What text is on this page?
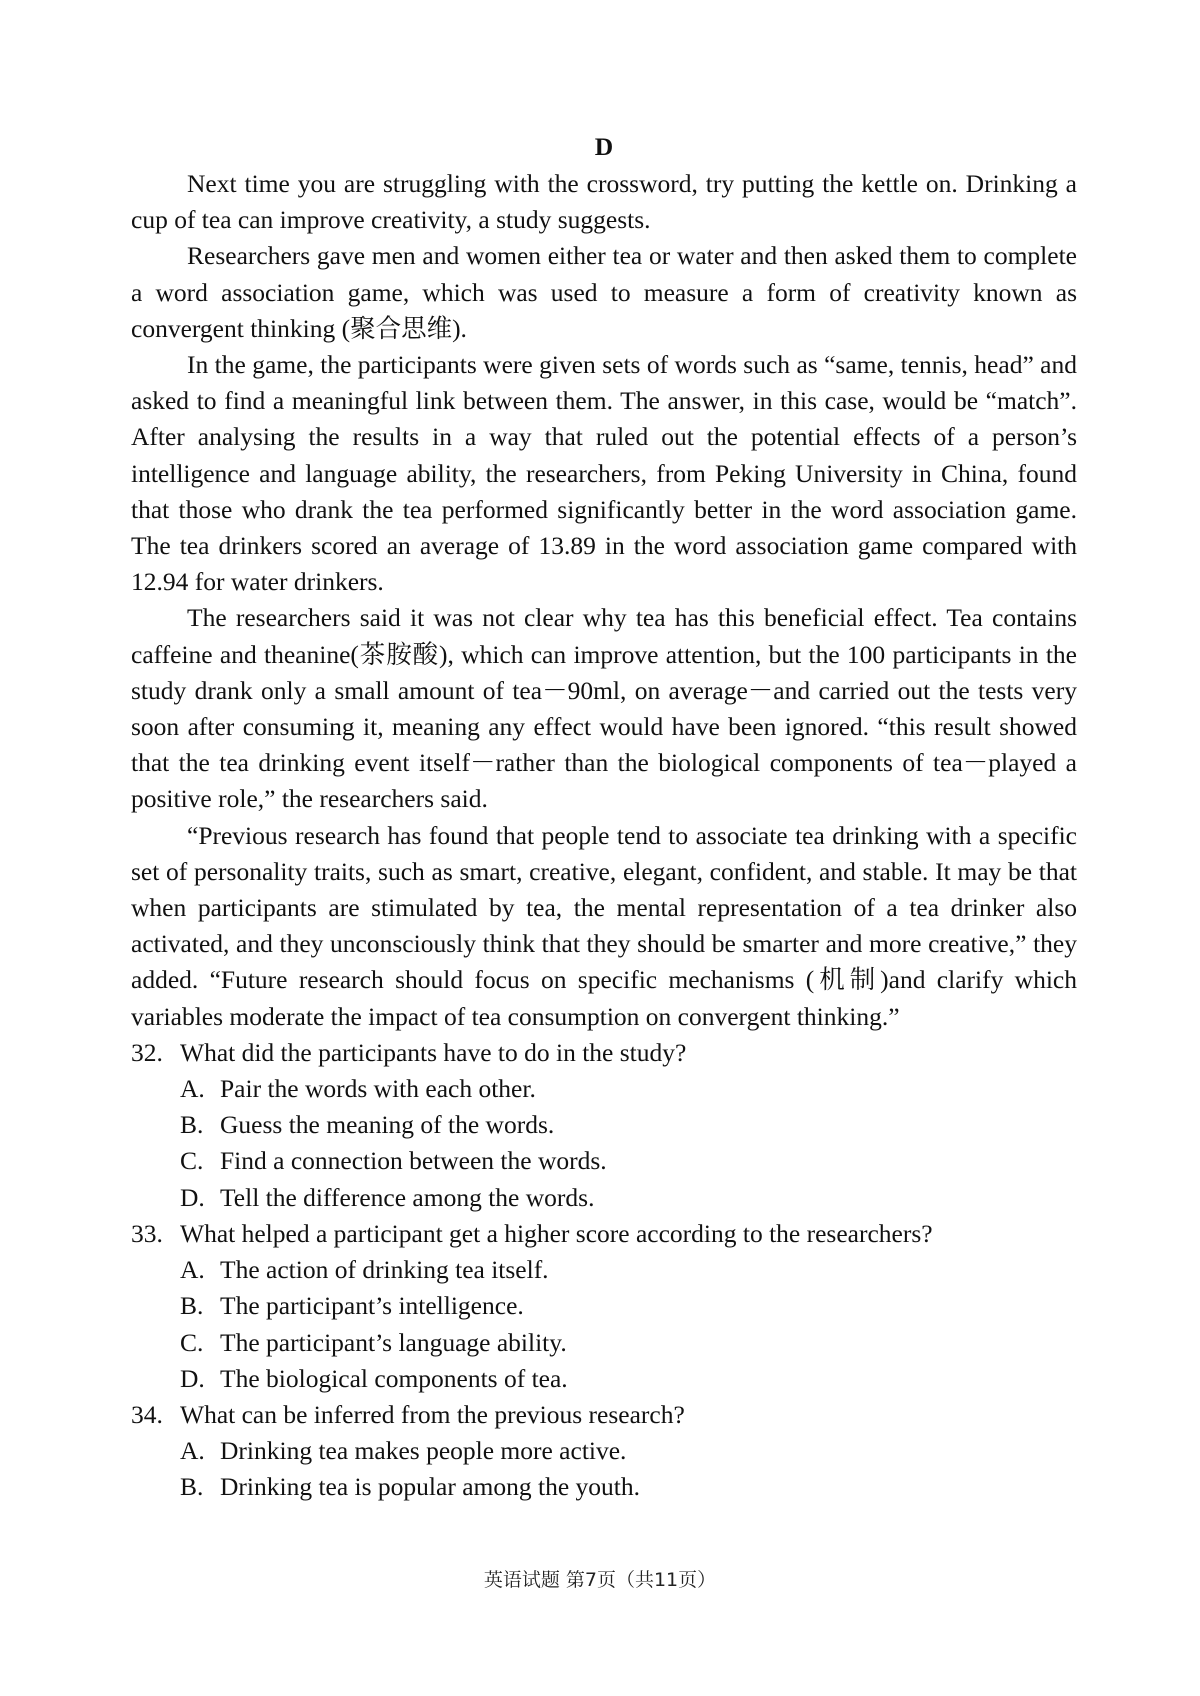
D

Next time you are struggling with the crossword, try putting the kettle on. Drinking a cup of tea can improve creativity, a study suggests.

Researchers gave men and women either tea or water and then asked them to complete a word association game, which was used to measure a form of creativity known as convergent thinking (聚合思维).

In the game, the participants were given sets of words such as “same, tennis, head” and asked to find a meaningful link between them. The answer, in this case, would be “match”. After analysing the results in a way that ruled out the potential effects of a person’s intelligence and language ability, the researchers, from Peking University in China, found that those who drank the tea performed significantly better in the word association game. The tea drinkers scored an average of 13.89 in the word association game compared with 12.94 for water drinkers.

The researchers said it was not clear why tea has this beneficial effect. Tea contains caffeine and theanine(茶胺酸), which can improve attention, but the 100 participants in the study drank only a small amount of tea－90ml, on average－and carried out the tests very soon after consuming it, meaning any effect would have been ignored. “this result showed that the tea drinking event itself－rather than the biological components of tea－played a positive role,” the researchers said.

“Previous research has found that people tend to associate tea drinking with a specific set of personality traits, such as smart, creative, elegant, confident, and stable. It may be that when participants are stimulated by tea, the mental representation of a tea drinker also activated, and they unconsciously think that they should be smarter and more creative,” they added. “Future research should focus on specific mechanisms (机制)and clarify which variables moderate the impact of tea consumption on convergent thinking.”

32. What did the participants have to do in the study?
A. Pair the words with each other.
B. Guess the meaning of the words.
C. Find a connection between the words.
D. Tell the difference among the words.
33. What helped a participant get a higher score according to the researchers?
A. The action of drinking tea itself.
B. The participant’s intelligence.
C. The participant’s language ability.
D. The biological components of tea.
34. What can be inferred from the previous research?
A. Drinking tea makes people more active.
B. Drinking tea is popular among the youth.
英语试题 第7页（共11页）
